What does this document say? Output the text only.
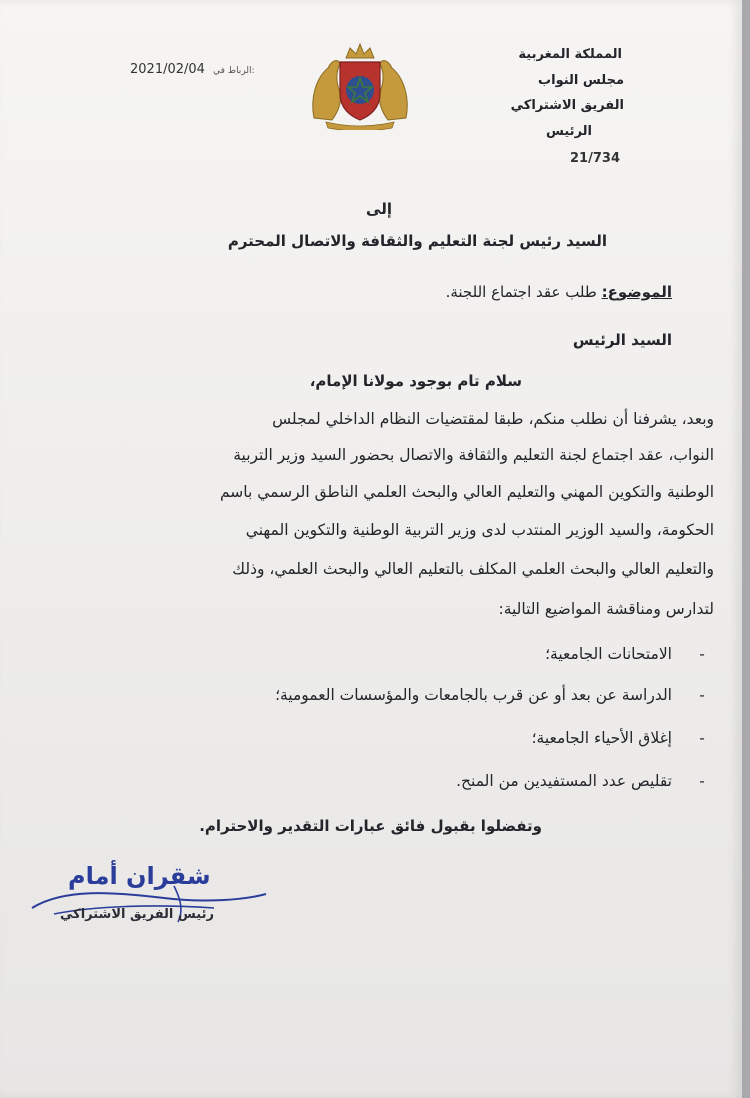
المملكة المغربية
مجلس النواب
الفريق الاشتراكي
الرئيس
21/734
2021/02/04 الرباط في:
إلى
السيد رئيس لجنة التعليم والثقافة والاتصال المحترم
الموضوع: طلب عقد اجتماع اللجنة.
السيد الرئيس
سلام تام بوجود مولانا الإمام،
وبعد، يشرفنا أن نطلب منكم، طبقا لمقتضيات النظام الداخلي لمجلس
النواب، عقد اجتماع لجنة التعليم والثقافة والاتصال بحضور السيد وزير التربية
الوطنية والتكوين المهني والتعليم العالي والبحث العلمي الناطق الرسمي باسم
الحكومة، والسيد الوزير المنتدب لدى وزير التربية الوطنية والتكوين المهني
والتعليم العالي والبحث العلمي المكلف بالتعليم العالي والبحث العلمي، وذلك
لتدارس ومناقشة المواضيع التالية:
-الامتحانات الجامعية؛
-الدراسة عن بعد أو عن قرب بالجامعات والمؤسسات العمومية؛
-إغلاق الأحياء الجامعية؛
-تقليص عدد المستفيدين من المنح.
وتفضلوا بقبول فائق عبارات التقدير والاحترام.
شقران أمام
رئيس الفريق الاشتراكي
